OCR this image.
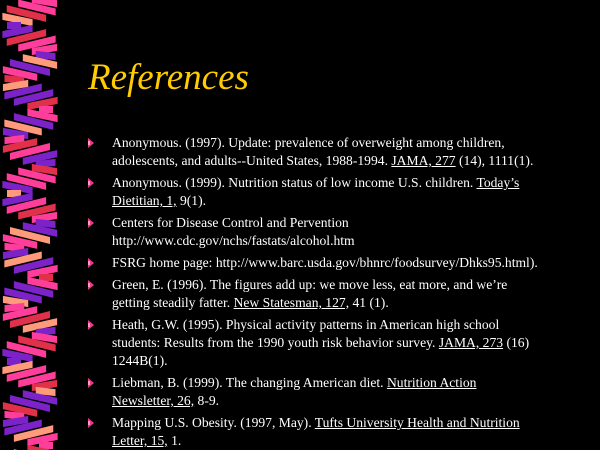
References
Anonymous. (1997). Update: prevalence of overweight among children,
adolescents, and adults--United States, 1988-1994. JAMA, 277 (14), 1111(1).
Anonymous. (1999). Nutrition status of low income U.S. children. Today’s
Dietitian, 1, 9(1).
Centers for Disease Control and Pervention
http://www.cdc.gov/nchs/fastats/alcohol.htm
FSRG home page: http://www.barc.usda.gov/bhnrc/foodsurvey/Dhks95.html).
Green, E. (1996). The figures add up: we move less, eat more, and we’re
getting steadily fatter. New Statesman, 127, 41 (1).
Heath, G.W. (1995). Physical activity patterns in American high school
students: Results from the 1990 youth risk behavior survey. JAMA, 273 (16)
1244B(1).
Liebman, B. (1999). The changing American diet. Nutrition Action
Newsletter, 26, 8-9.
Mapping U.S. Obesity. (1997, May). Tufts University Health and Nutrition
Letter, 15, 1.
